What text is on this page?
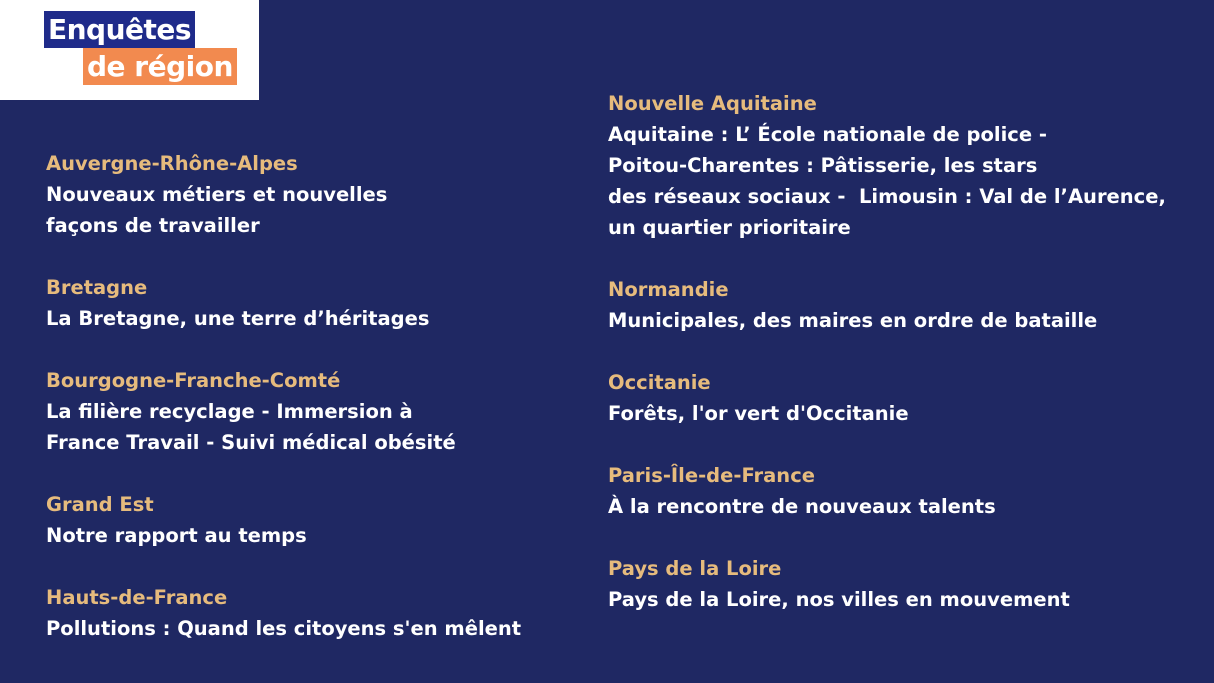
Enquêtes
de région
Auvergne-Rhône-Alpes
Nouveaux métiers et nouvelles
façons de travailler
Bretagne
La Bretagne, une terre d’héritages
Bourgogne-Franche-Comté
La filière recyclage - Immersion à
France Travail - Suivi médical obésité
Grand Est
Notre rapport au temps
Hauts-de-France
Pollutions : Quand les citoyens s'en mêlent
Nouvelle Aquitaine
Aquitaine : L’ École nationale de police -
Poitou-Charentes : Pâtisserie, les stars
des réseaux sociaux -  Limousin : Val de l’Aurence,
un quartier prioritaire
Normandie
Municipales, des maires en ordre de bataille
Occitanie
Forêts, l'or vert d'Occitanie
Paris-Île-de-France
À la rencontre de nouveaux talents
Pays de la Loire
Pays de la Loire, nos villes en mouvement
